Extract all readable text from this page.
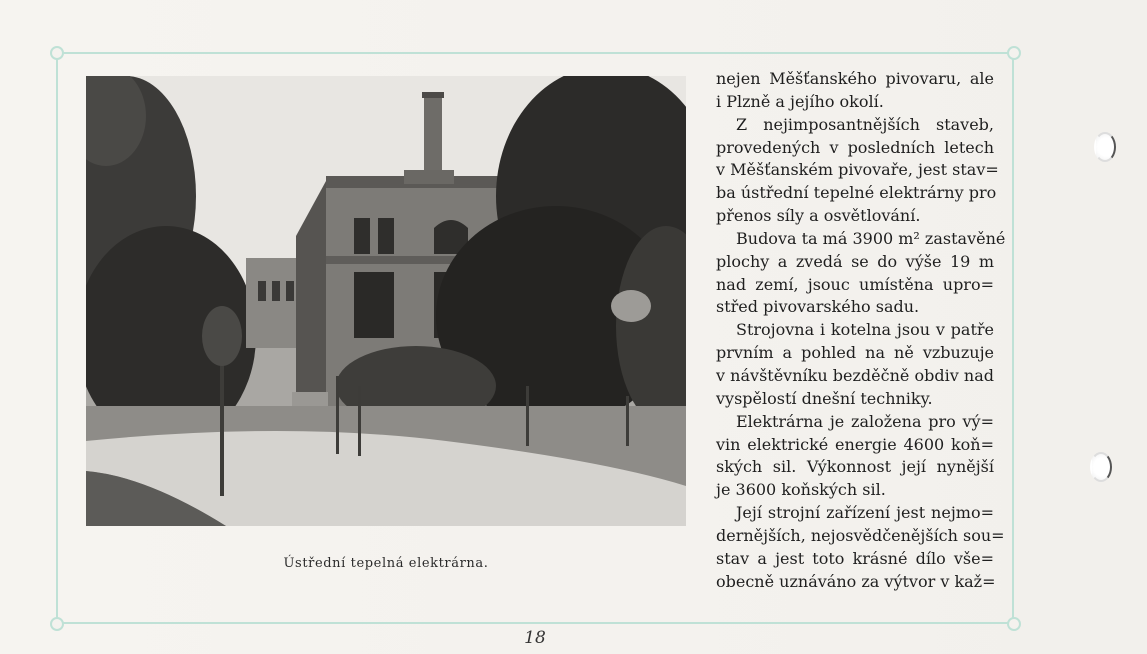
Ústřední tepelná elektrárna.
nejen Měšťanského pivovaru, ale
i Plzně a jejího okolí.
Z nejimposantnějších staveb,
provedených v posledních letech
v Měšťanském pivovaře, jest stav=
ba ústřední tepelné elektrárny pro
přenos síly a osvětlování.
Budova ta má 3900 m² zastavěné
plochy a zvedá se do výše 19 m
nad zemí, jsouc umístěna upro=
střed pivovarského sadu.
Strojovna i kotelna jsou v patře
prvním a pohled na ně vzbuzuje
v návštěvníku bezděčně obdiv nad
vyspělostí dnešní techniky.
Elektrárna je založena pro vý=
vin elektrické energie 4600 koň=
ských sil. Výkonnost její nynější
je 3600 koňských sil.
Její strojní zařízení jest nejmo=
dernějších, nejosvědčenějších sou=
stav a jest toto krásné dílo vše=
obecně uznáváno za výtvor v kaž=
18
